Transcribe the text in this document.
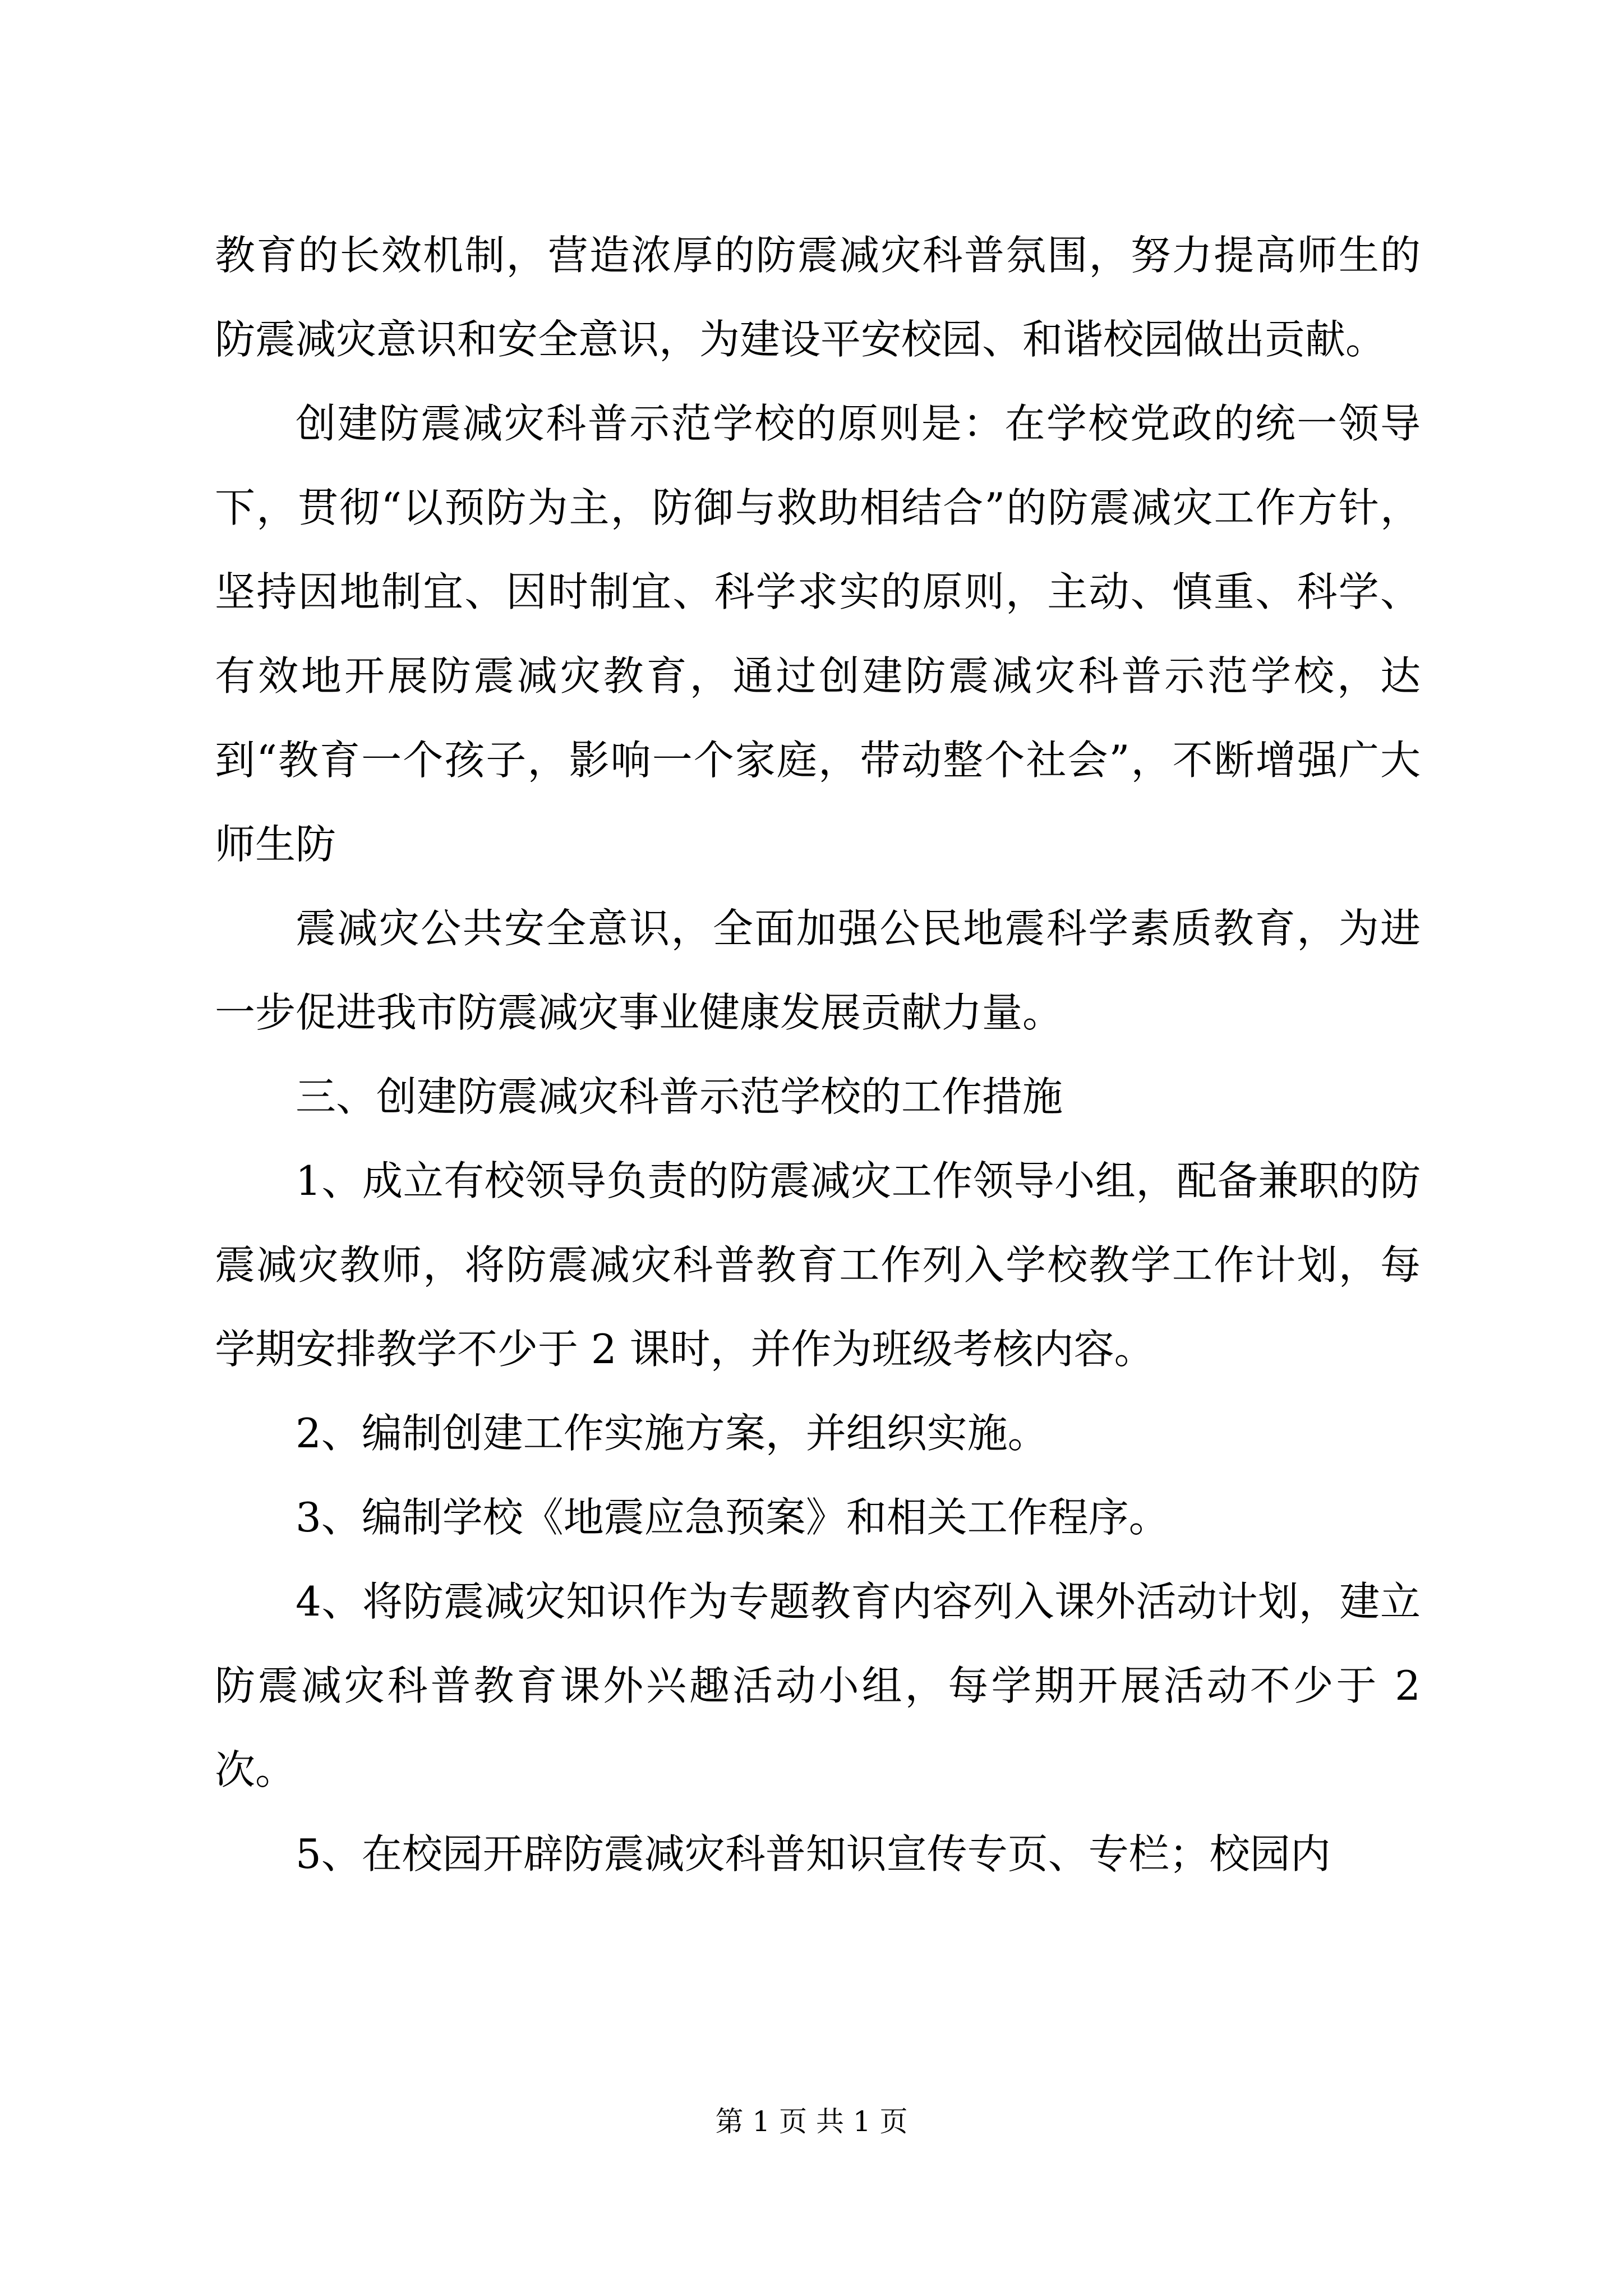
教育的长效机制，营造浓厚的防震减灾科普氛围，努力提高师生的防震减灾意识和安全意识，为建设平安校园、和谐校园做出贡献。

创建防震减灾科普示范学校的原则是：在学校党政的统一领导下，贯彻“以预防为主，防御与救助相结合”的防震减灾工作方针，坚持因地制宜、因时制宜、科学求实的原则，主动、慎重、科学、有效地开展防震减灾教育，通过创建防震减灾科普示范学校，达到“教育一个孩子，影响一个家庭，带动整个社会”，不断增强广大师生防

震减灾公共安全意识，全面加强公民地震科学素质教育，为进一步促进我市防震减灾事业健康发展贡献力量。

三、创建防震减灾科普示范学校的工作措施

1、成立有校领导负责的防震减灾工作领导小组，配备兼职的防震减灾教师，将防震减灾科普教育工作列入学校教学工作计划，每学期安排教学不少于 2 课时，并作为班级考核内容。

2、编制创建工作实施方案，并组织实施。

3、编制学校《地震应急预案》和相关工作程序。

4、将防震减灾知识作为专题教育内容列入课外活动计划，建立防震减灾科普教育课外兴趣活动小组，每学期开展活动不少于 2 次。

5、在校园开辟防震减灾科普知识宣传专页、专栏；校园内

第 1 页 共 1 页
